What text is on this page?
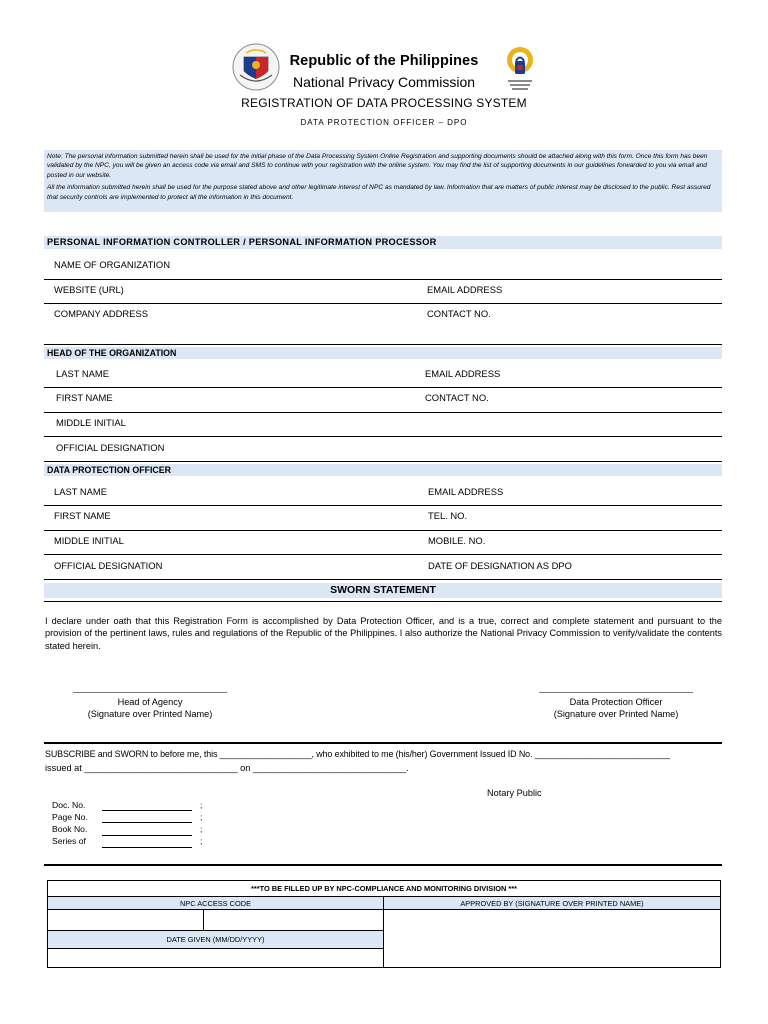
Republic of the Philippines
National Privacy Commission
REGISTRATION OF DATA PROCESSING SYSTEM
DATA PROTECTION OFFICER – DPO

Note: The personal information submitted herein shall be used for the initial phase of the Data Processing System Online Registration and supporting documents should be attached along with this form. Once this form has been validated by the NPC, you will be given an access code via email and SMS to continue with your registration with the online system. You may find the list of supporting documents in our guidelines forwarded to you via email and posted in our website.

All the information submitted herein shall be used for the purpose stated above and other legitimate interest of NPC as mandated by law. Information that are matters of public interest may be disclosed to the public. Rest assured that security controls are implemented to protect all the information in this document.

PERSONAL INFORMATION CONTROLLER / PERSONAL INFORMATION PROCESSOR
NAME OF ORGANIZATION
WEBSITE (URL)	EMAIL ADDRESS
COMPANY ADDRESS	CONTACT NO.
HEAD OF THE ORGANIZATION
LAST NAME	EMAIL ADDRESS
FIRST NAME	CONTACT NO.
MIDDLE INITIAL
OFFICIAL DESIGNATION
DATA PROTECTION OFFICER
LAST NAME	EMAIL ADDRESS
FIRST NAME	TEL. NO.
MIDDLE INITIAL	MOBILE. NO.
OFFICIAL DESIGNATION	DATE OF DESIGNATION AS DPO
SWORN STATEMENT
I declare under oath that this Registration Form is accomplished by Data Protection Officer, and is a true, correct and complete statement and pursuant to the provision of the pertinent laws, rules and regulations of the Republic of the Philippines. I also authorize the National Privacy Commission to verify/validate the contents stated herein.
_____________________________________
Head of Agency
(Signature over Printed Name)
_____________________________________
Data Protection Officer
(Signature over Printed Name)
SUBSCRIBE and SWORN to before me, this ___________________, who exhibited to me (his/her) Government Issued ID No. ____________________________
issued at ______________________________ on ______________________________.
Notary Public
Doc. No.	;
Page No.	;
Book No.	;
Series of	;
***TO BE FILLED UP BY NPC-COMPLIANCE AND MONITORING DIVISION ***
NPC ACCESS CODE	APPROVED BY (SIGNATURE OVER PRINTED NAME)
DATE GIVEN (MM/DD/YYYY)
